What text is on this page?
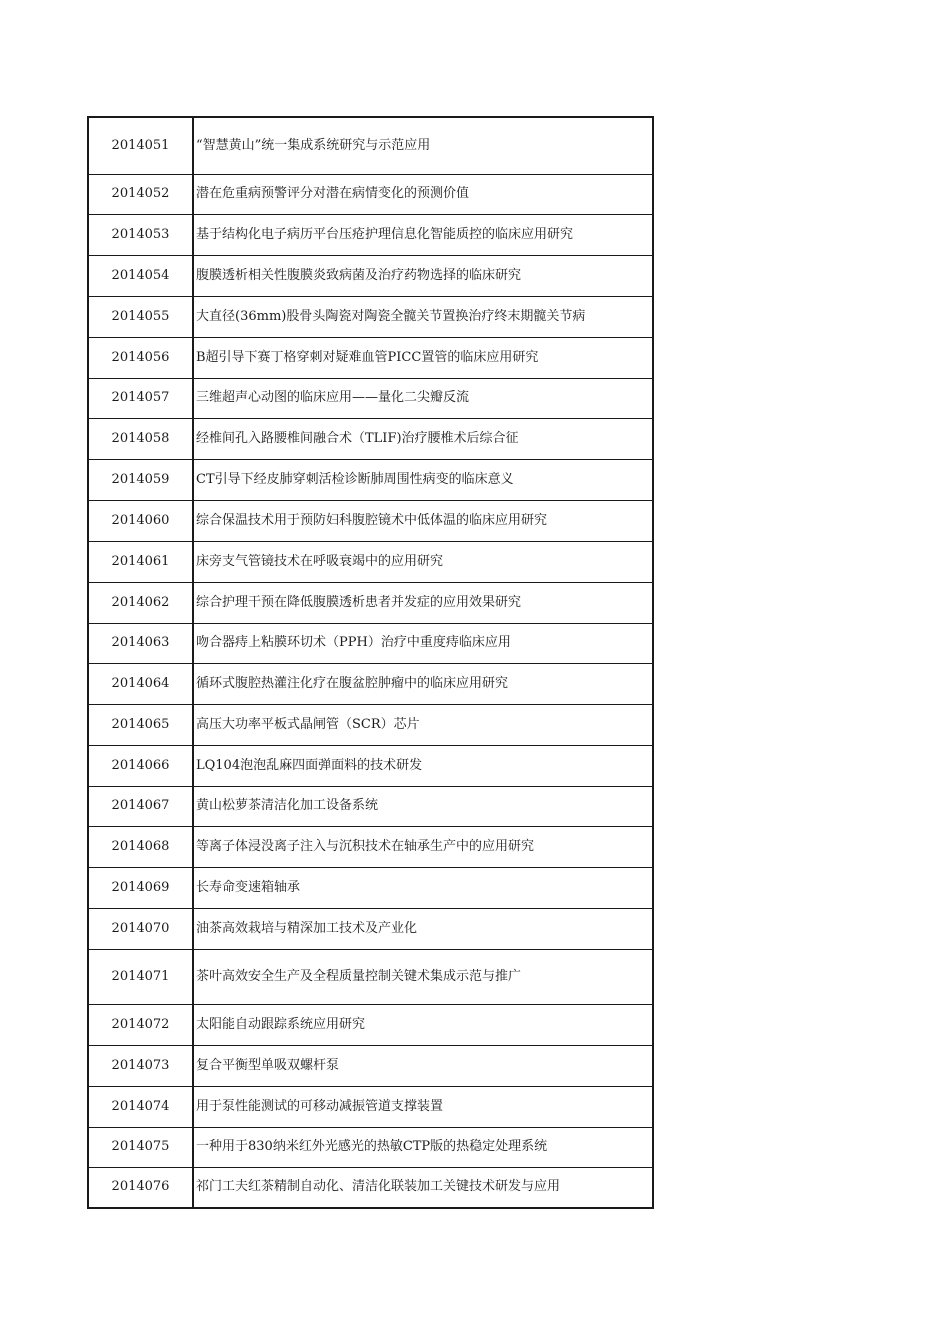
2014051	“智慧黄山”统一集成系统研究与示范应用
2014052	潜在危重病预警评分对潜在病情变化的预测价值
2014053	基于结构化电子病历平台压疮护理信息化智能质控的临床应用研究
2014054	腹膜透析相关性腹膜炎致病菌及治疗药物选择的临床研究
2014055	大直径(36mm)股骨头陶瓷对陶瓷全髋关节置换治疗终末期髋关节病
2014056	B超引导下赛丁格穿刺对疑难血管PICC置管的临床应用研究
2014057	三维超声心动图的临床应用——量化二尖瓣反流
2014058	经椎间孔入路腰椎间融合术（TLIF)治疗腰椎术后综合征
2014059	CT引导下经皮肺穿刺活检诊断肺周围性病变的临床意义
2014060	综合保温技术用于预防妇科腹腔镜术中低体温的临床应用研究
2014061	床旁支气管镜技术在呼吸衰竭中的应用研究
2014062	综合护理干预在降低腹膜透析患者并发症的应用效果研究
2014063	吻合器痔上粘膜环切术（PPH）治疗中重度痔临床应用
2014064	循环式腹腔热灌注化疗在腹盆腔肿瘤中的临床应用研究
2014065	高压大功率平板式晶闸管（SCR）芯片
2014066	LQ104泡泡乱麻四面弹面料的技术研发
2014067	黄山松萝茶清洁化加工设备系统
2014068	等离子体浸没离子注入与沉积技术在轴承生产中的应用研究
2014069	长寿命变速箱轴承
2014070	油茶高效栽培与精深加工技术及产业化
2014071	茶叶高效安全生产及全程质量控制关键术集成示范与推广
2014072	太阳能自动跟踪系统应用研究
2014073	复合平衡型单吸双螺杆泵
2014074	用于泵性能测试的可移动减振管道支撑装置
2014075	一种用于830纳米红外光感光的热敏CTP版的热稳定处理系统
2014076	祁门工夫红茶精制自动化、清洁化联装加工关键技术研发与应用
